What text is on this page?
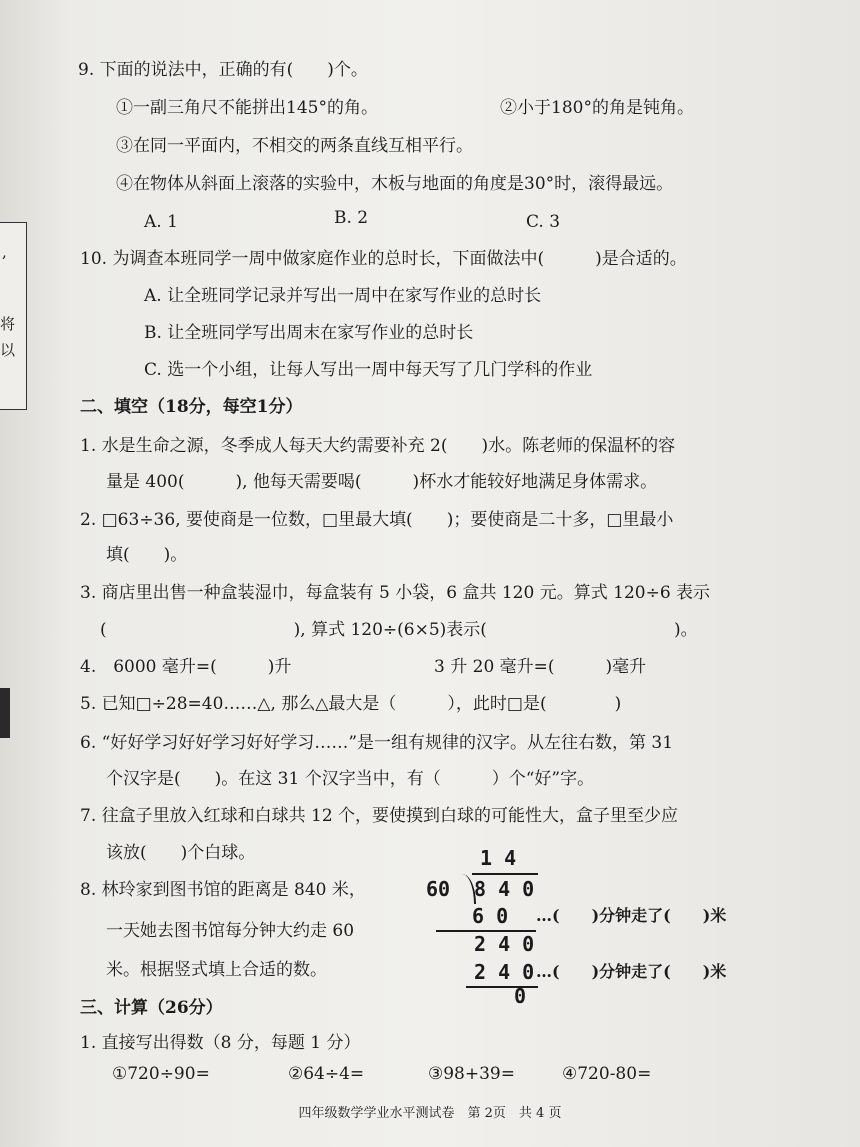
,
将
以
9. 下面的说法中，正确的有(　　)个。
①一副三角尺不能拼出145°的角。	②小于180°的角是钝角。
③在同一平面内，不相交的两条直线互相平行。
④在物体从斜面上滚落的实验中，木板与地面的角度是30°时，滚得最远。
A. 1	B. 2	C. 3
10. 为调查本班同学一周中做家庭作业的总时长，下面做法中(　　　)是合适的。
A. 让全班同学记录并写出一周中在家写作业的总时长
B. 让全班同学写出周末在家写作业的总时长
C. 选一个小组，让每人写出一周中每天写了几门学科的作业
二、填空（18分，每空1分）
1. 水是生命之源，冬季成人每天大约需要补充 2(　　)水。陈老师的保温杯的容
量是 400(　　　), 他每天需要喝(　　　)杯水才能较好地满足身体需求。
2. □63÷36, 要使商是一位数，□里最大填(　　)；要使商是二十多，□里最小
填(　　)。
3. 商店里出售一种盒装湿巾，每盒装有 5 小袋，6 盒共 120 元。算式 120÷6 表示
(　　　　　　　　　　　), 算式 120÷(6×5)表示(　　　　　　　　　　　)。
4.　6000 毫升=(　　　)升	3 升 20 毫升=(　　　)毫升
5. 已知□÷28=40……△, 那么△最大是（　　　），此时□是(　　　　)
6. “好好学习好好学习好好学习……”是一组有规律的汉字。从左往右数，第 31
个汉字是(　　)。在这 31 个汉字当中，有（　　　）个“好”字。
7. 往盒子里放入红球和白球共 12 个，要使摸到白球的可能性大，盒子里至少应
该放(　　)个白球。
8. 林玲家到图书馆的距离是 840 米，
一天她去图书馆每分钟大约走 60
米。根据竖式填上合适的数。
1 4
60 8 4 0
6 0 …(　　)分钟走了(　　)米
2 4 0
2 4 0 …(　　)分钟走了(　　)米
0
三、计算（26分）
1. 直接写出得数（8 分，每题 1 分）
①720÷90=	②64÷4=	③98+39=	④720-80=
四年级数学学业水平测试卷　第 2页　共 4 页
